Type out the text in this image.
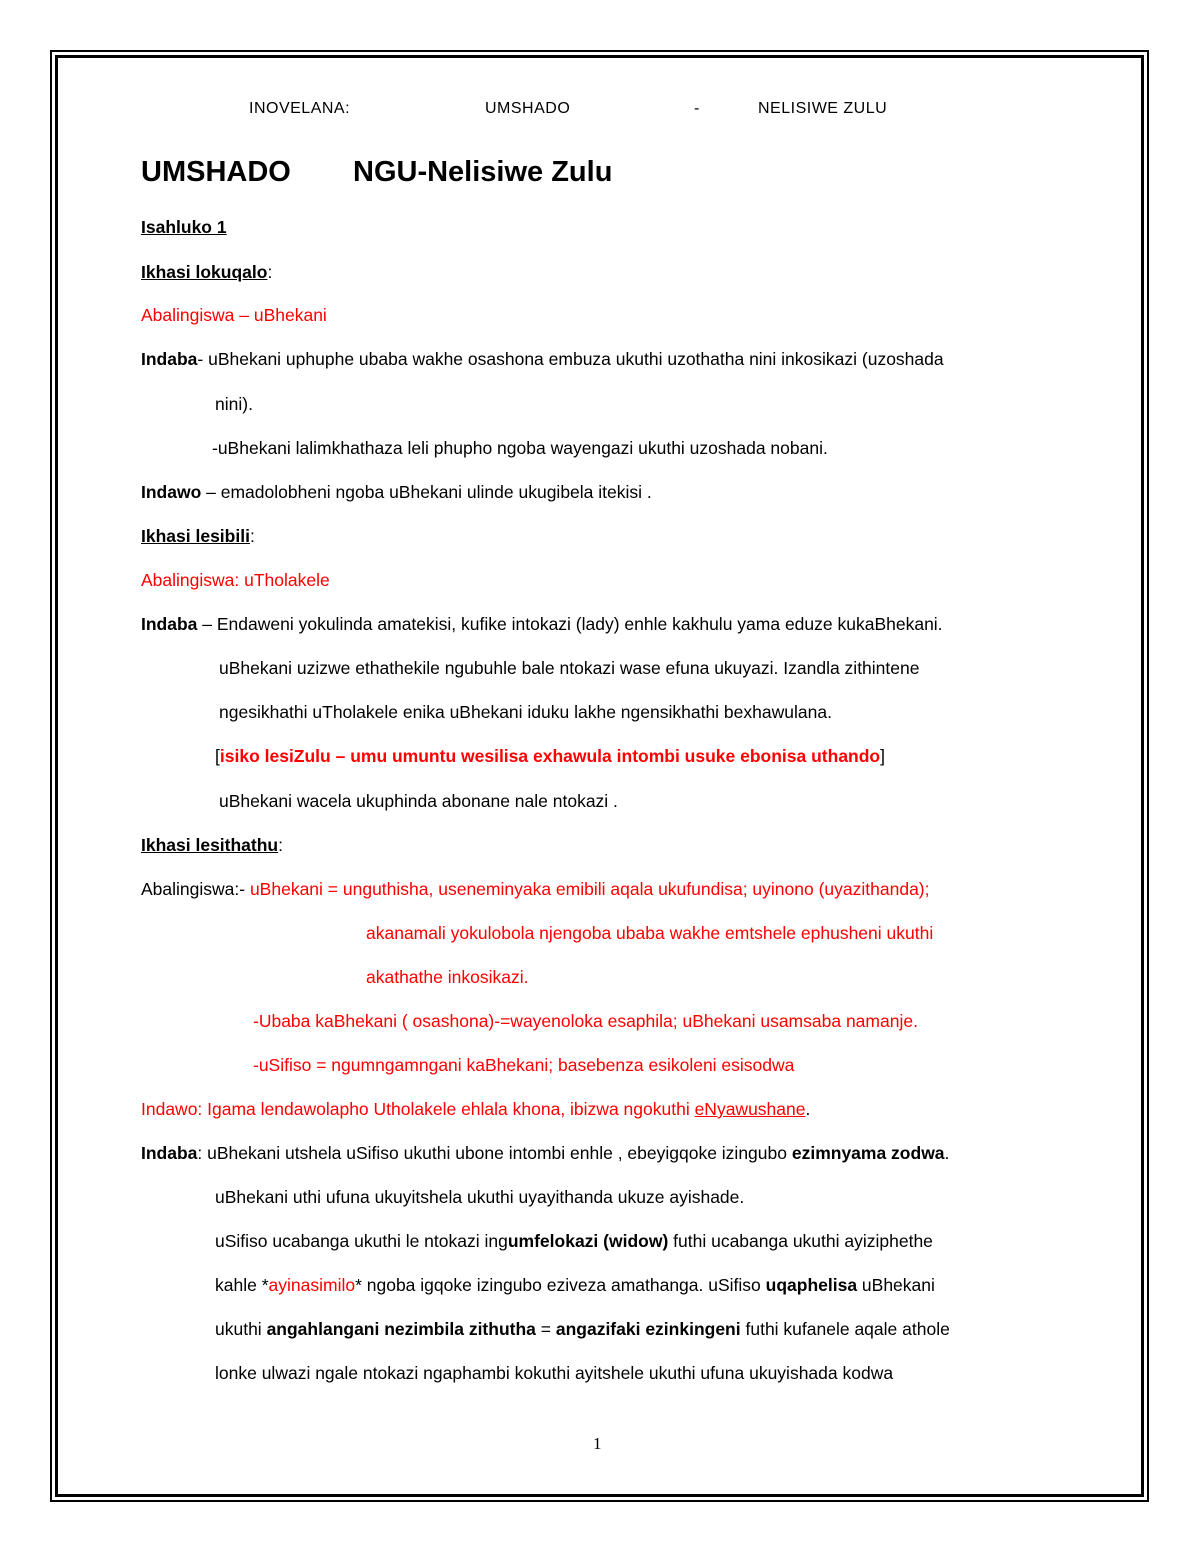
INOVELANA:	UMSHADO	-	NELISIWE ZULU
UMSHADO NGU-Nelisiwe Zulu
Isahluko 1
Ikhasi lokuqalo:
Abalingiswa – uBhekani
Indaba- uBhekani uphuphe ubaba wakhe osashona embuza ukuthi uzothatha nini inkosikazi (uzoshada
nini).
-uBhekani lalimkhathaza leli phupho ngoba wayengazi ukuthi uzoshada nobani.
Indawo – emadolobheni ngoba uBhekani ulinde ukugibela itekisi .
Ikhasi lesibili:
Abalingiswa: uTholakele
Indaba – Endaweni yokulinda amatekisi, kufike intokazi (lady) enhle kakhulu yama eduze kukaBhekani.
uBhekani uzizwe ethathekile ngubuhle bale ntokazi wase efuna ukuyazi. Izandla zithintene
ngesikhathi uTholakele enika uBhekani iduku lakhe ngensikhathi bexhawulana.
[isiko lesiZulu – umu umuntu wesilisa exhawula intombi usuke ebonisa uthando]
uBhekani wacela ukuphinda abonane nale ntokazi .
Ikhasi lesithathu:
Abalingiswa:- uBhekani = unguthisha, useneminyaka emibili aqala ukufundisa; uyinono (uyazithanda);
akanamali yokulobola njengoba ubaba wakhe emtshele ephusheni ukuthi
akathathe inkosikazi.
-Ubaba kaBhekani ( osashona)-=wayenoloka esaphila; uBhekani usamsaba namanje.
-uSifiso = ngumngamngani kaBhekani; basebenza esikoleni esisodwa
Indawo: Igama lendawolapho Utholakele ehlala khona, ibizwa ngokuthi eNyawushane.
Indaba: uBhekani utshela uSifiso ukuthi ubone intombi enhle , ebeyigqoke izingubo ezimnyama zodwa.
uBhekani uthi ufuna ukuyitshela ukuthi uyayithanda ukuze ayishade.
uSifiso ucabanga ukuthi le ntokazi ingumfelokazi (widow) futhi ucabanga ukuthi ayiziphethe
kahle *ayinasimilo* ngoba igqoke izingubo eziveza amathanga. uSifiso uqaphelisa uBhekani
ukuthi angahlangani nezimbila zithutha = angazifaki ezinkingeni futhi kufanele aqale athole
lonke ulwazi ngale ntokazi ngaphambi kokuthi ayitshele ukuthi ufuna ukuyishada kodwa
1
